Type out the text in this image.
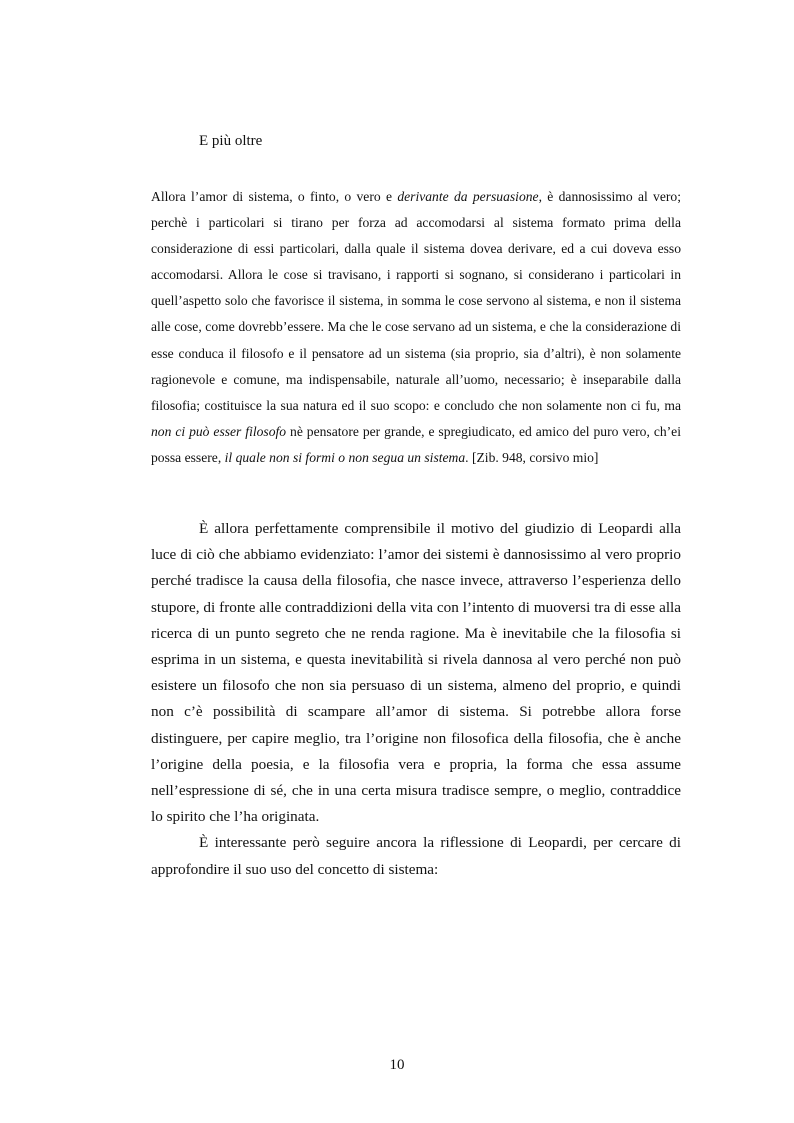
E più oltre

Allora l’amor di sistema, o finto, o vero e derivante da persuasione, è dannosissimo al vero; perchè i particolari si tirano per forza ad accomodarsi al sistema formato prima della considerazione di essi particolari, dalla quale il sistema dovea derivare, ed a cui doveva esso accomodarsi. Allora le cose si travisano, i rapporti si sognano, si considerano i particolari in quell’aspetto solo che favorisce il sistema, in somma le cose servono al sistema, e non il sistema alle cose, come dovrebb’essere. Ma che le cose servano ad un sistema, e che la considerazione di esse conduca il filosofo e il pensatore ad un sistema (sia proprio, sia d’altri), è non solamente ragionevole e comune, ma indispensabile, naturale all’uomo, necessario; è inseparabile dalla filosofia; costituisce la sua natura ed il suo scopo: e concludo che non solamente non ci fu, ma non ci può esser filosofo nè pensatore per grande, e spregiudicato, ed amico del puro vero, ch’ei possa essere, il quale non si formi o non segua un sistema. [Zib. 948, corsivo mio]

È allora perfettamente comprensibile il motivo del giudizio di Leopardi alla luce di ciò che abbiamo evidenziato: l’amor dei sistemi è dannosissimo al vero proprio perché tradisce la causa della filosofia, che nasce invece, attraverso l’esperienza dello stupore, di fronte alle contraddizioni della vita con l’intento di muoversi tra di esse alla ricerca di un punto segreto che ne renda ragione. Ma è inevitabile che la filosofia si esprima in un sistema, e questa inevitabilità si rivela dannosa al vero perché non può esistere un filosofo che non sia persuaso di un sistema, almeno del proprio, e quindi non c’è possibilità di scampare all’amor di sistema. Si potrebbe allora forse distinguere, per capire meglio, tra l’origine non filosofica della filosofia, che è anche l’origine della poesia, e la filosofia vera e propria, la forma che essa assume nell’espressione di sé, che in una certa misura tradisce sempre, o meglio, contraddice lo spirito che l’ha originata.

È interessante però seguire ancora la riflessione di Leopardi, per cercare di approfondire il suo uso del concetto di sistema:

10
